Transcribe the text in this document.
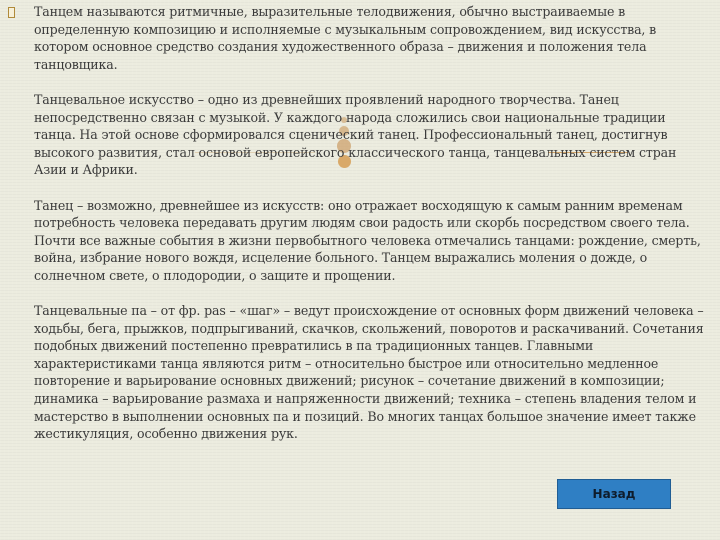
Танцем называются ритмичные, выразительные телодвижения, обычно выстраиваемые в определенную композицию и исполняемые с музыкальным сопровождением, вид искусства, в котором основное средство создания художественного образа – движения и положения тела танцовщика.

Танцевальное искусство – одно из древнейших проявлений народного творчества. Танец непосредственно связан с музыкой. У каждого народа сложились свои национальные традиции танца. На этой основе сформировался сценический танец. Профессиональный танец, достигнув высокого развития, стал основой европейского классического танца, танцевальных систем стран Азии и Африки.

Танец – возможно, древнейшее из искусств: оно отражает восходящую к самым ранним временам потребность человека передавать другим людям свои радость или скорбь посредством своего тела. Почти все важные события в жизни первобытного человека отмечались танцами: рождение, смерть, война, избрание нового вождя, исцеление больного. Танцем выражались моления о дожде, о солнечном свете, о плодородии, о защите и прощении.

Танцевальные па – от фр. pas – «шаг» – ведут происхождение от основных форм движений человека – ходьбы, бега, прыжков, подпрыгиваний, скачков, скольжений, поворотов и раскачиваний. Сочетания подобных движений постепенно превратились в па традиционных танцев. Главными характеристиками танца являются ритм – относительно быстрое или относительно медленное повторение и варьирование основных движений; рисунок – сочетание движений в композиции; динамика – варьирование размаха и напряженности движений; техника – степень владения телом и мастерство в выполнении основных па и позиций. Во многих танцах большое значение имеет также жестикуляция, особенно движения рук.

Назад
